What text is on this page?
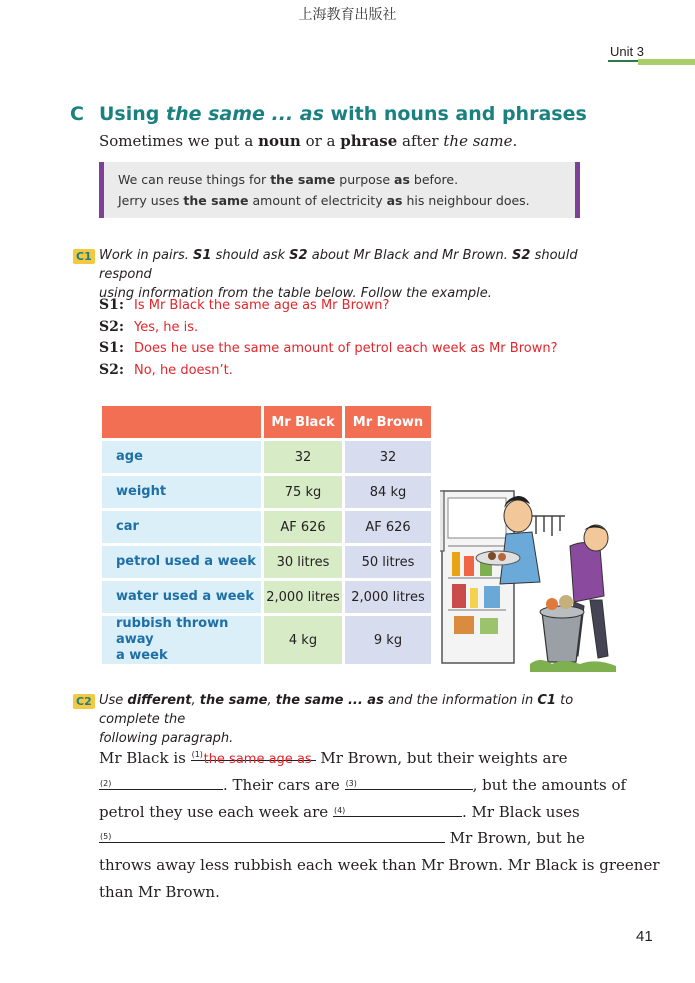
上海教育出版社
Unit 3
C Using the same ... as with nouns and phrases
Sometimes we put a noun or a phrase after the same.
We can reuse things for the same purpose as before.
Jerry uses the same amount of electricity as his neighbour does.
C1 Work in pairs. S1 should ask S2 about Mr Black and Mr Brown. S2 should respond
using information from the table below. Follow the example.
S1: Is Mr Black the same age as Mr Brown?
S2: Yes, he is.
S1: Does he use the same amount of petrol each week as Mr Brown?
S2: No, he doesn’t.
	Mr Black	Mr Brown
age	32	32
weight	75 kg	84 kg
car	AF 626	AF 626
petrol used a week	30 litres	50 litres
water used a week	2,000 litres	2,000 litres

rubbish thrown away
a week	4 kg	9 kg
C2 Use different, the same, the same ... as and the information in C1 to complete the
following paragraph.
Mr Black is (1) the same age as Mr Brown, but their weights are
(2)	. Their cars are (3)	, but the amounts of
petrol they use each week are (4)	. Mr Black uses
(5)	Mr Brown, but he
throws away less rubbish each week than Mr Brown. Mr Black is greener
than Mr Brown.
41
